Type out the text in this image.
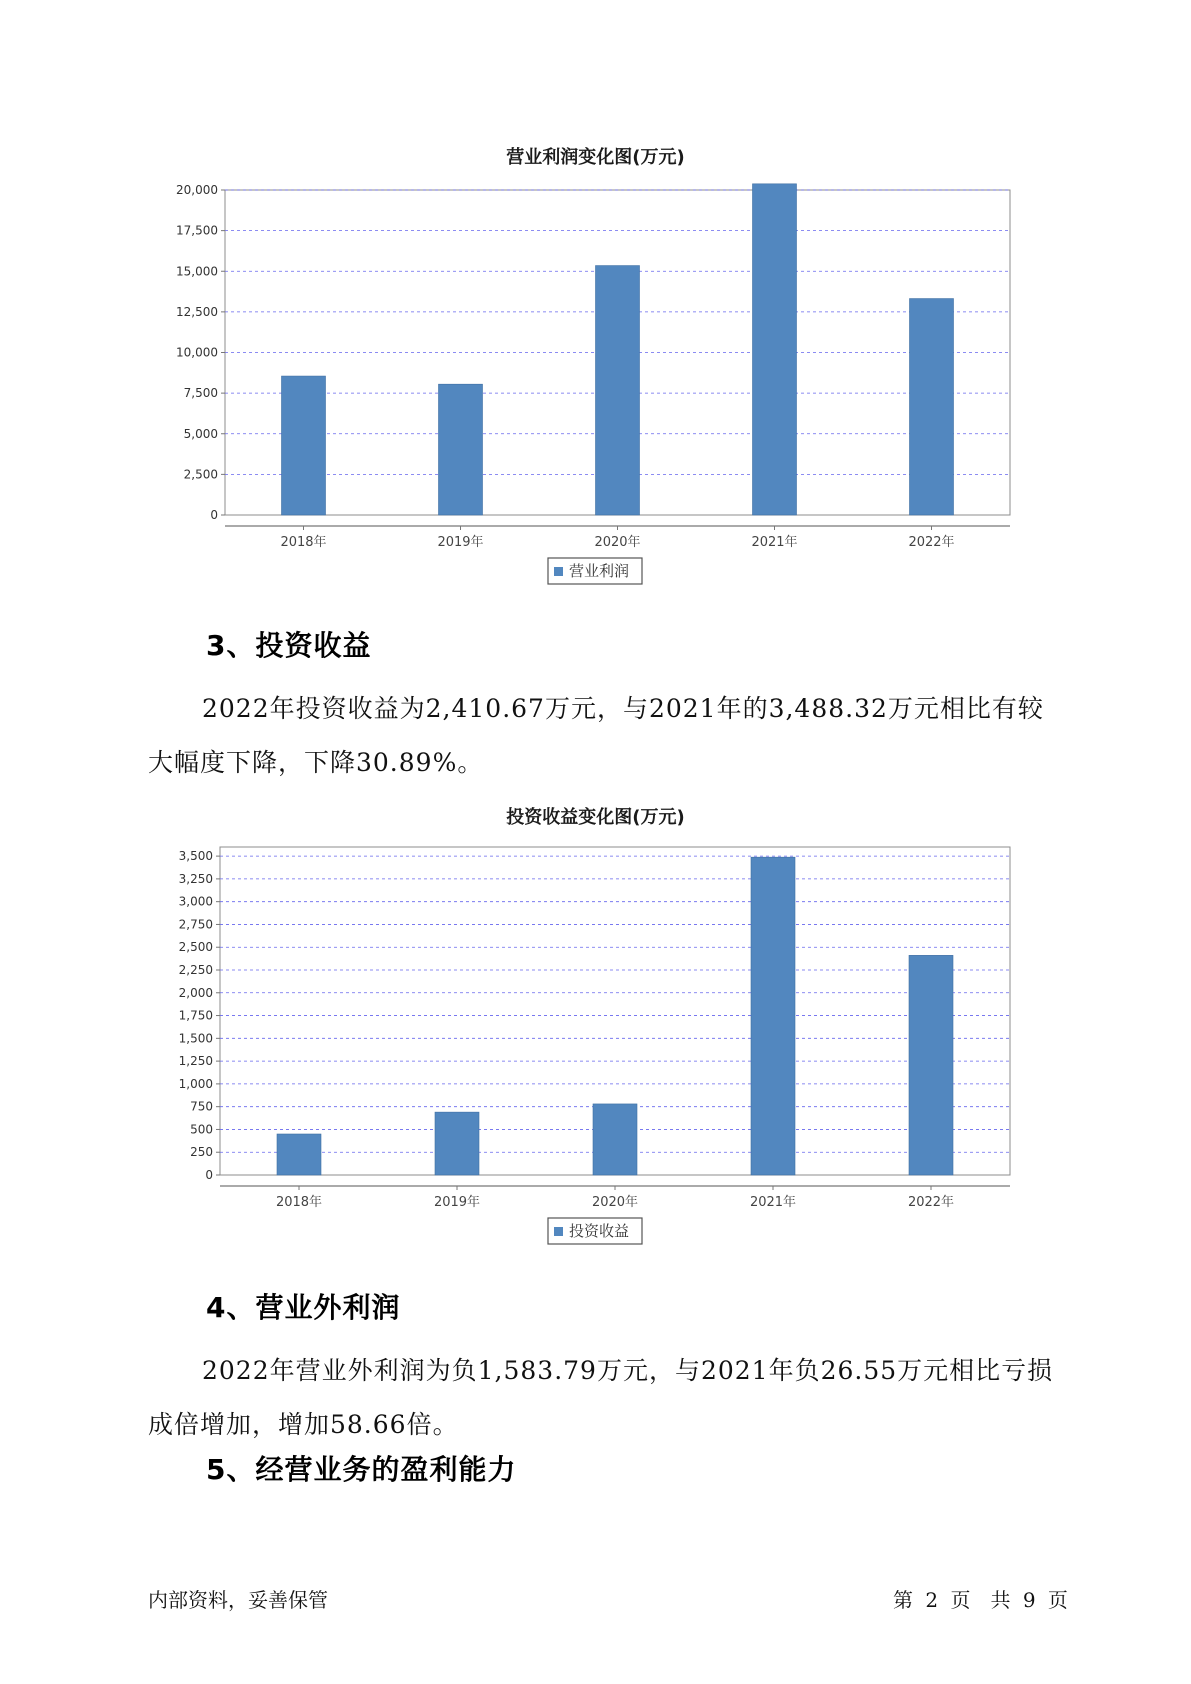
营业利润变化图(万元)
0
2,500
5,000
7,500
10,000
12,500
15,000
17,500
20,000
2018年	2019年	2020年	2021年	2022年
营业利润
3、投资收益
2022年投资收益为2,410.67万元，与2021年的3,488.32万元相比有较大幅度下降，下降30.89%。
投资收益变化图(万元)
0
250
500
750
1,000
1,250
1,500
1,750
2,000
2,250
2,500
2,750
3,000
3,250
3,500
2018年	2019年	2020年	2021年	2022年
投资收益
4、营业外利润
2022年营业外利润为负1,583.79万元，与2021年负26.55万元相比亏损成倍增加，增加58.66倍。
5、经营业务的盈利能力
内部资料，妥善保管	第 2 页　共 9 页
